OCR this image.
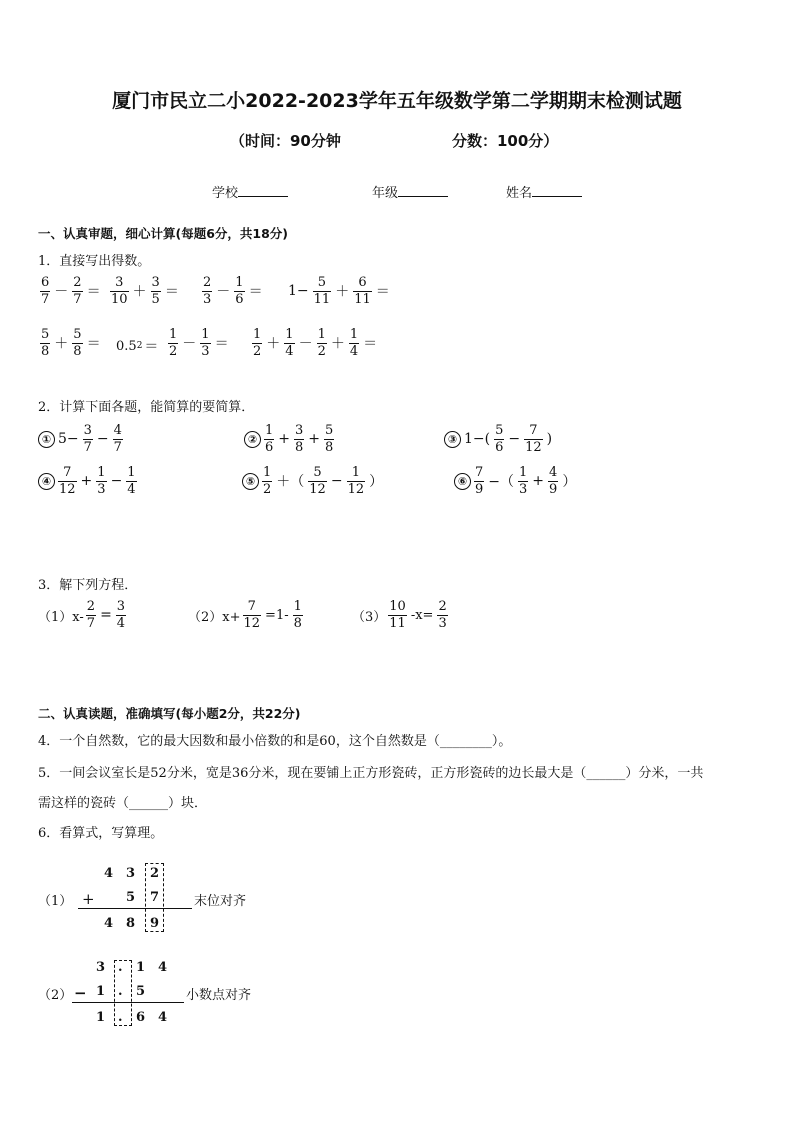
厦门市民立二小2022-2023学年五年级数学第二学期期末检测试题
（时间：90分钟	分数：100分）
学校	年级	姓名
一、认真审题，细心计算(每题6分，共18分)
1．直接写出得数。
6
7 －
2
7 ＝
3
10 ＋
3
5 ＝
2
3 －
1
$6 = 1- \frac{5}{11}$ ＋
6
11 ＝
5
8 ＋
5
8 ＝ 0.5 2 ＝
1
2 －
1
3 ＝
1
2 ＋
1
4 －
1
2 ＋
1
4 ＝
2．计算下面各题，能简算的要简算．
① $5- \frac{3}{7} - \frac{4}{7}$	②
1
$6 + \frac{3}{8} + \frac{5}{8}$	③ 1−(
5
$6 - \frac{7}{12}$ )
④
7
$12 + \frac{1}{3} - \frac{1}{4}$	⑤
1
2 ＋（
5
$12 - \frac{1}{12}$ ）	⑥
7
9 −（
1
$3 + \frac{4}{9}$ ）
3．解下列方程．
$(1)x- \frac{2}{7} = \frac{3}{4}$	$(2)x+ \frac{7}{12} =1-$
1
8	（3）
10
11
$-x= \frac{2}{3}$
二、认真读题，准确填写(每小题2分，共22分)
4．一个自然数，它的最大因数和最小倍数的和是60，这个自然数是（________）。
5．一间会议室长是52分米，宽是36分米，现在要铺上正方形瓷砖，正方形瓷砖的边长最大是（______）分米，一共
需这样的瓷砖（______）块．
6．看算式，写算理。
（1）
4 3 2
+ 5 7
4 8 9
末位对齐
（2）
3 . 1 4
− 1 . 5
1 . 6 4
小数点对齐
